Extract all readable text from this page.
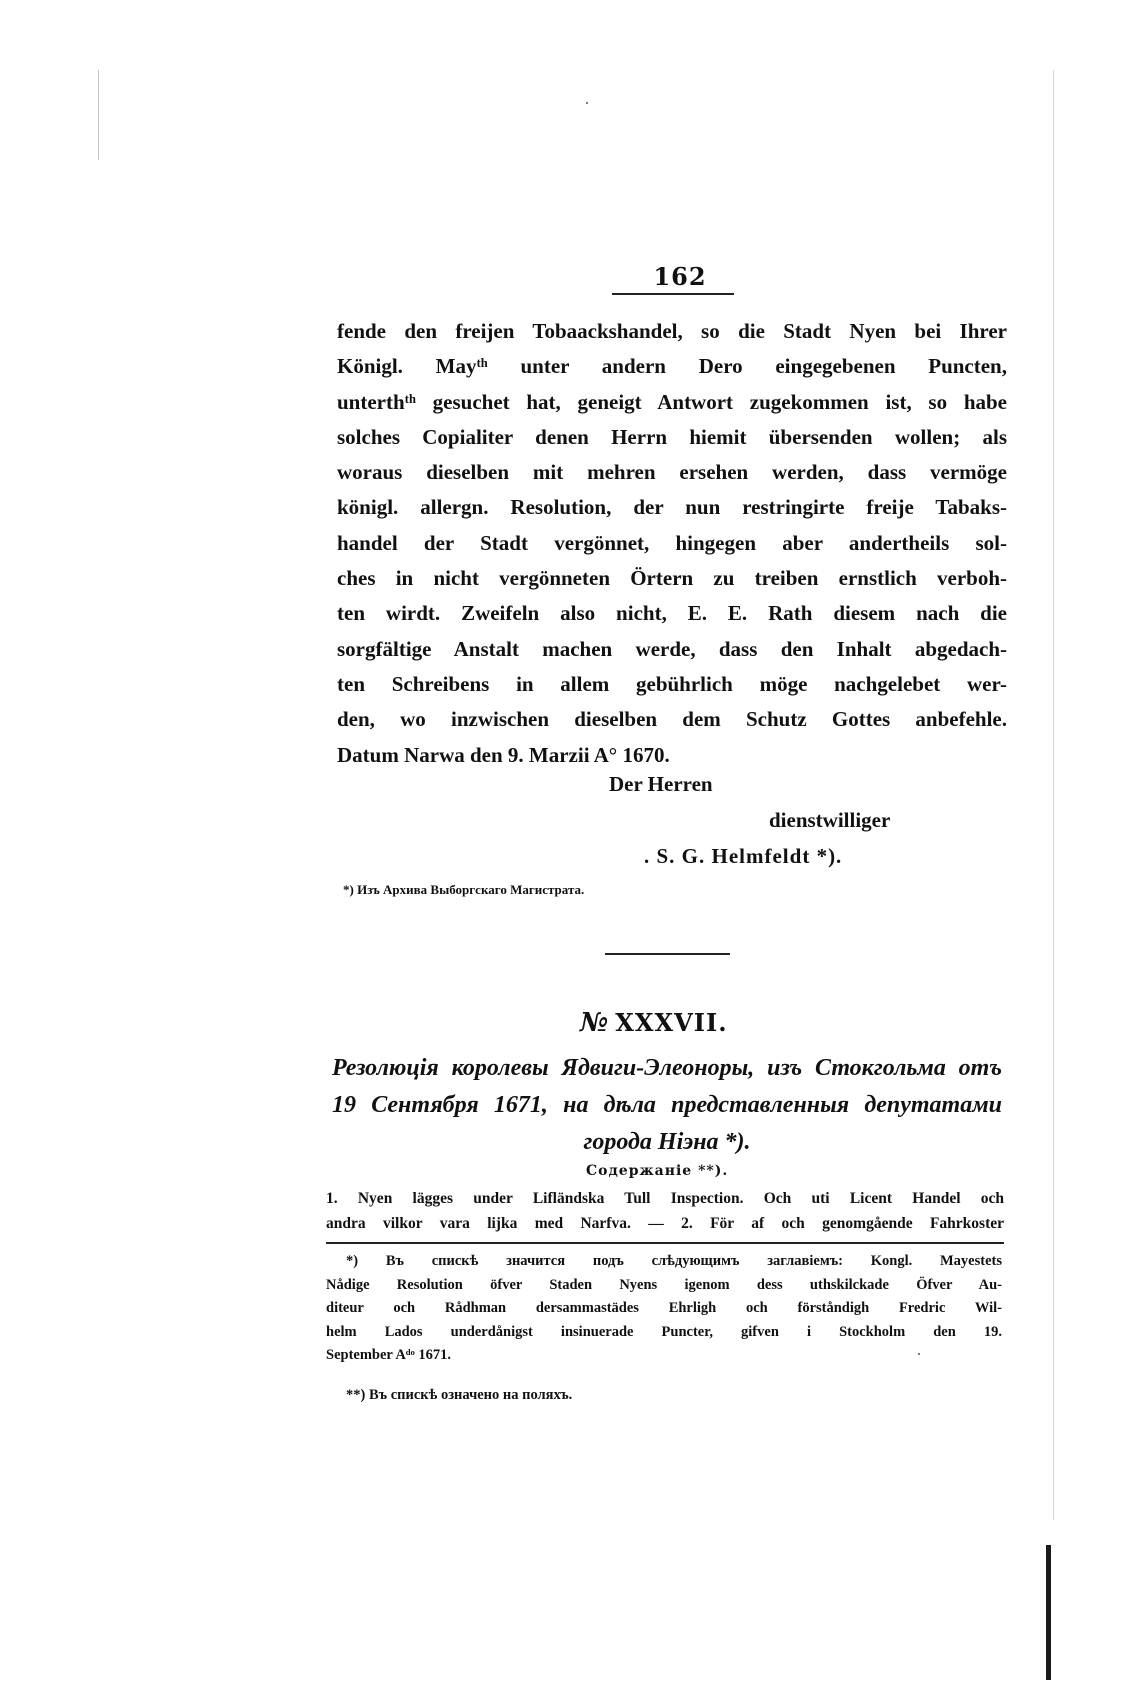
162
fende den freijen Tobaackshandel, so die Stadt Nyen bei Ihrer
Königl. Mayᵗʰ unter andern Dero eingegebenen Puncten,
unterthᵗʰ gesuchet hat, geneigt Antwort zugekommen ist, so habe
solches Copialiter denen Herrn hiemit übersenden wollen; als
woraus dieselben mit mehren ersehen werden, dass vermöge
königl. allergn. Resolution, der nun restringirte freije Tabaks-
handel der Stadt vergönnet, hingegen aber andertheils sol-
ches in nicht vergönneten Örtern zu treiben ernstlich verboh-
ten wirdt. Zweifeln also nicht, E. E. Rath diesem nach die
sorgfältige Anstalt machen werde, dass den Inhalt abgedach-
ten Schreibens in allem gebührlich möge nachgelebet wer-
den, wo inzwischen dieselben dem Schutz Gottes anbefehle.
Datum Narwa den 9. Marzii A° 1670.
Der Herren
dienstwilliger
. S. G. Helmfeldt *).
*) Изъ Архива Выборгскаго Магистрата.
№ XXXVII.
Резолюція королевы Ядвиги-Элеоноры, изъ Стокгольма отъ
19 Сентября 1671, на дѣла представленныя депутатами
города Ніэна *).
Содержаніе **).
1. Nyen lägges under Lifländska Tull Inspection. Och uti Licent Handel och
andra vilkor vara lijka med Narfva. — 2. För af och genomgående Fahrkoster
*) Въ спискѣ значится подъ слѣдующимъ заглавіемъ: Kongl. Mayestets
Nådige Resolution öfver Staden Nyens igenom dess uthskilckade Öfver Au-
diteur och Rådhman dersammastädes Ehrligh och förståndigh Fredric Wil-
helm Lados underdånigst insinuerade Puncter, gifven i Stockholm den 19.
September Aᵈᵒ 1671.
**) Въ спискѣ означено на поляхъ.
